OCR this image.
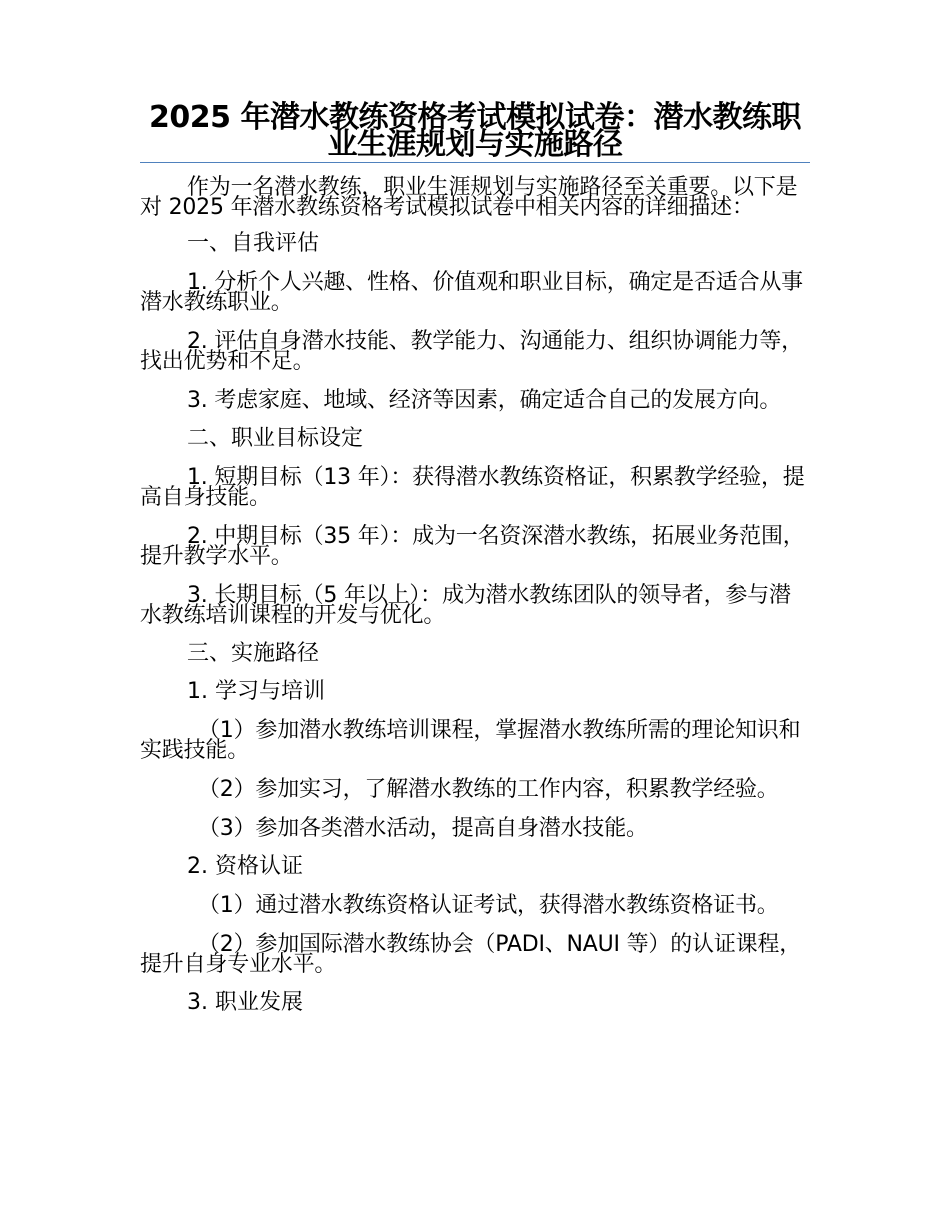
2025 年潜水教练资格考试模拟试卷：潜水教练职业生涯规划与实施路径

作为一名潜水教练，职业生涯规划与实施路径至关重要。以下是对 2025 年潜水教练资格考试模拟试卷中相关内容的详细描述：

一、自我评估

1. 分析个人兴趣、性格、价值观和职业目标，确定是否适合从事潜水教练职业。

2. 评估自身潜水技能、教学能力、沟通能力、组织协调能力等，找出优势和不足。

3. 考虑家庭、地域、经济等因素，确定适合自己的发展方向。

二、职业目标设定

1. 短期目标（13 年）：获得潜水教练资格证，积累教学经验，提高自身技能。

2. 中期目标（35 年）：成为一名资深潜水教练，拓展业务范围，提升教学水平。

3. 长期目标（5 年以上）：成为潜水教练团队的领导者，参与潜水教练培训课程的开发与优化。

三、实施路径

1. 学习与培训

（1）参加潜水教练培训课程，掌握潜水教练所需的理论知识和实践技能。

（2）参加实习，了解潜水教练的工作内容，积累教学经验。

（3）参加各类潜水活动，提高自身潜水技能。

2. 资格认证

（1）通过潜水教练资格认证考试，获得潜水教练资格证书。

（2）参加国际潜水教练协会（PADI、NAUI 等）的认证课程，提升自身专业水平。

3. 职业发展
